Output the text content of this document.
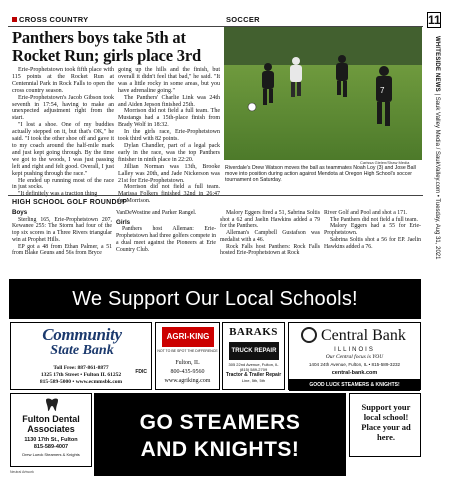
11
WHITESIDE NEWS | Sauk Valley Media / SaukValley.com • Tuesday, Aug 31, 2021
CROSS COUNTRY	SOCCER
Panthers boys take 5th at Rocket Run; girls place 3rd

Erie-Prophetstown took fifth place with 115 points at the Rocket Run at Centennial Park in Rock Falls to open the cross country season.

Erie-Prophetstown's Jacob Gibson took seventh in 17:54, having to make an unexpected adjustment right from the start.

"I lost a shoe. One of my buddies actually stepped on it, but that's OK," he said. "I took the other shoe off and gave it to my coach around the half-mile mark and just kept going through. By the time we got to the woods, I was just passing left and right and felt good. Overall, I just kept pushing through the race."

He ended up running most of the race in just socks.

going up the hills and the finish, but overall it didn't feel that bad," he said. "It was a little rocky in some areas, but you have adrenaline going."

The Panthers' Charlie Link was 24th and Aiden Jepson finished 25th.

Morrison did not field a full team. The Mustangs had a 15th-place finish from Brady Wolf in 18:32.

In the girls race, Erie-Prophetstown took third with 82 points.

Dylan Chandler, part of a legal pack early in the race, was the top Panthers finisher in ninth place in 22:20.

Jillian Norman was 13th, Brooke Lalley was 20th, and Jade Nickerson was 21st for Erie-Prophetstown.

Morrison did not field a full team. for Morrison.

7
Carissa Gielen/Shaw Media
Riverdale's Drew Watson moves the ball as teammates Noah Loy (3) and Jose Ball move into position during action against Mendota at Oregon High School's soccer tournament on Saturday.
HIGH SCHOOL GOLF ROUNDUP

Boys

Sterling 165, Erie-Prophetstown 207, Kewanee 255: The Storm had four of the top six scores in a Three Rivers triangular win at Prophet Hills.

EP got a 48 from Ethan Palmer, a 51 from Blake Geuns and 56s from Bryce

VanDeWostine and Parker Rangel.

Girls

Panthers host Alleman: Erie-Prophetstown had three golfers compete in a dual meet against the Pioneers at Erie Country Club.

Malory Eggers fired a 51, Sabrina Soltis shot a 62 and Jaelin Hawkins added a 79 for the Panthers.

Alleman's Campbell Gustafson was medalist with a 46.

Rock Falls host Panthers: Rock Falls hosted Erie-Prophetstown at Rock

River Golf and Pool and shot a 171.

The Panthers did not field a full team.

Malory Eggers had a 55 for Erie-Prophetstown.

Sabrina Soltis shot a 56 for EP. Jaelin Hawkins added a 76.

We Support Our Local Schools!
Community
State Bank
Toll Free: 887-861-8877
1325 17th Street • Fulton IL 61252
815-589-5000 • www.ecmmsbk.com
FDIC
AGRI-KING
NOT TO BE SPOT THE DIFFERENCE
Fulton, IL
800-435-9560
www.agriking.com
BARAKS
TRUCK REPAIR
305 22nd Avenue, Fulton, IL
(815) 589-2709
Tractor & Trailer Repair
Line, 5th, 5th
Central Bank
ILLINOIS
Our Central focus is YOU
1404 24th Avenue, Fulton, IL • 815-589-3232
central-bank.com
GOOD LUCK STEAMERS & KNIGHTS!
Fulton Dental Associates
1130 17th St., Fulton
815-589-4007
Drew Lueck Steamers & Knights
GO STEAMERS
AND KNIGHTS!
Support your local school! Place your ad here.
Neutral Artwork
